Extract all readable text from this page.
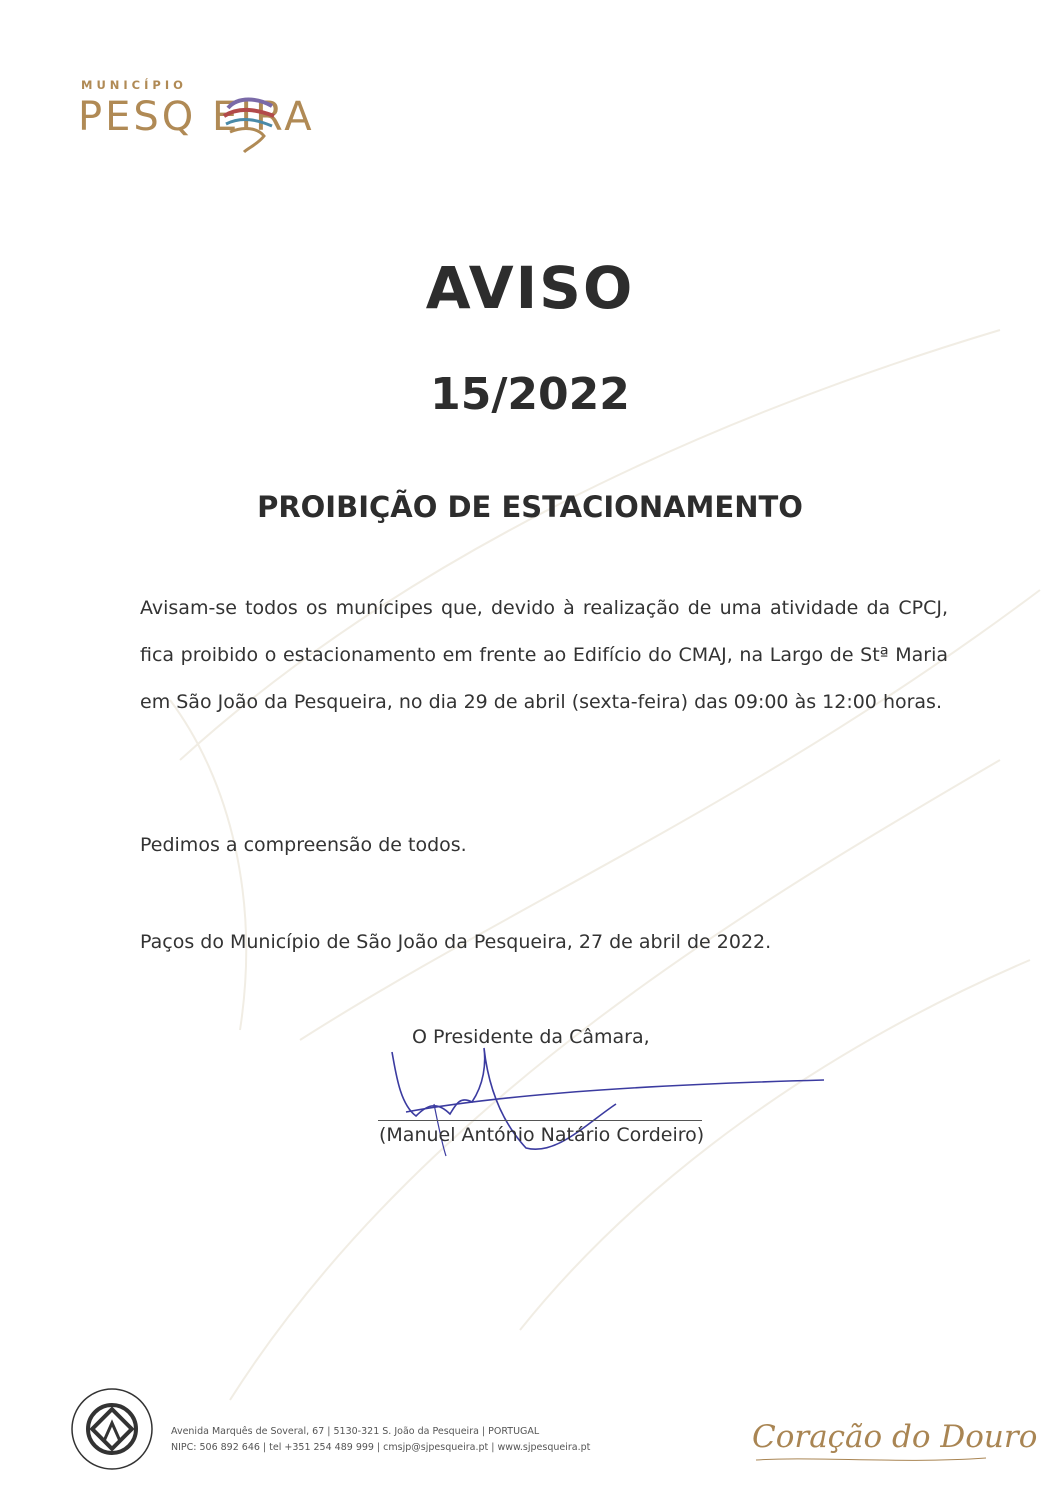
MUNICÍPIO
PESQ EIRA
AVISO
15/2022
PROIBIÇÃO DE ESTACIONAMENTO
Avisam-se todos os munícipes que, devido à realização de uma atividade da CPCJ, fica proibido o estacionamento em frente ao Edifício do CMAJ, na Largo de Stª Maria em São João da Pesqueira, no dia 29 de abril (sexta-feira) das 09:00 às 12:00 horas.
Pedimos a compreensão de todos.
Paços do Município de São João da Pesqueira, 27 de abril de 2022.
O Presidente da Câmara,
(Manuel António Natário Cordeiro)
Avenida Marquês de Soveral, 67 | 5130-321 S. João da Pesqueira | PORTUGAL
NIPC: 506 892 646 | tel +351 254 489 999 | cmsjp@sjpesqueira.pt | www.sjpesqueira.pt	Coração do Douro
